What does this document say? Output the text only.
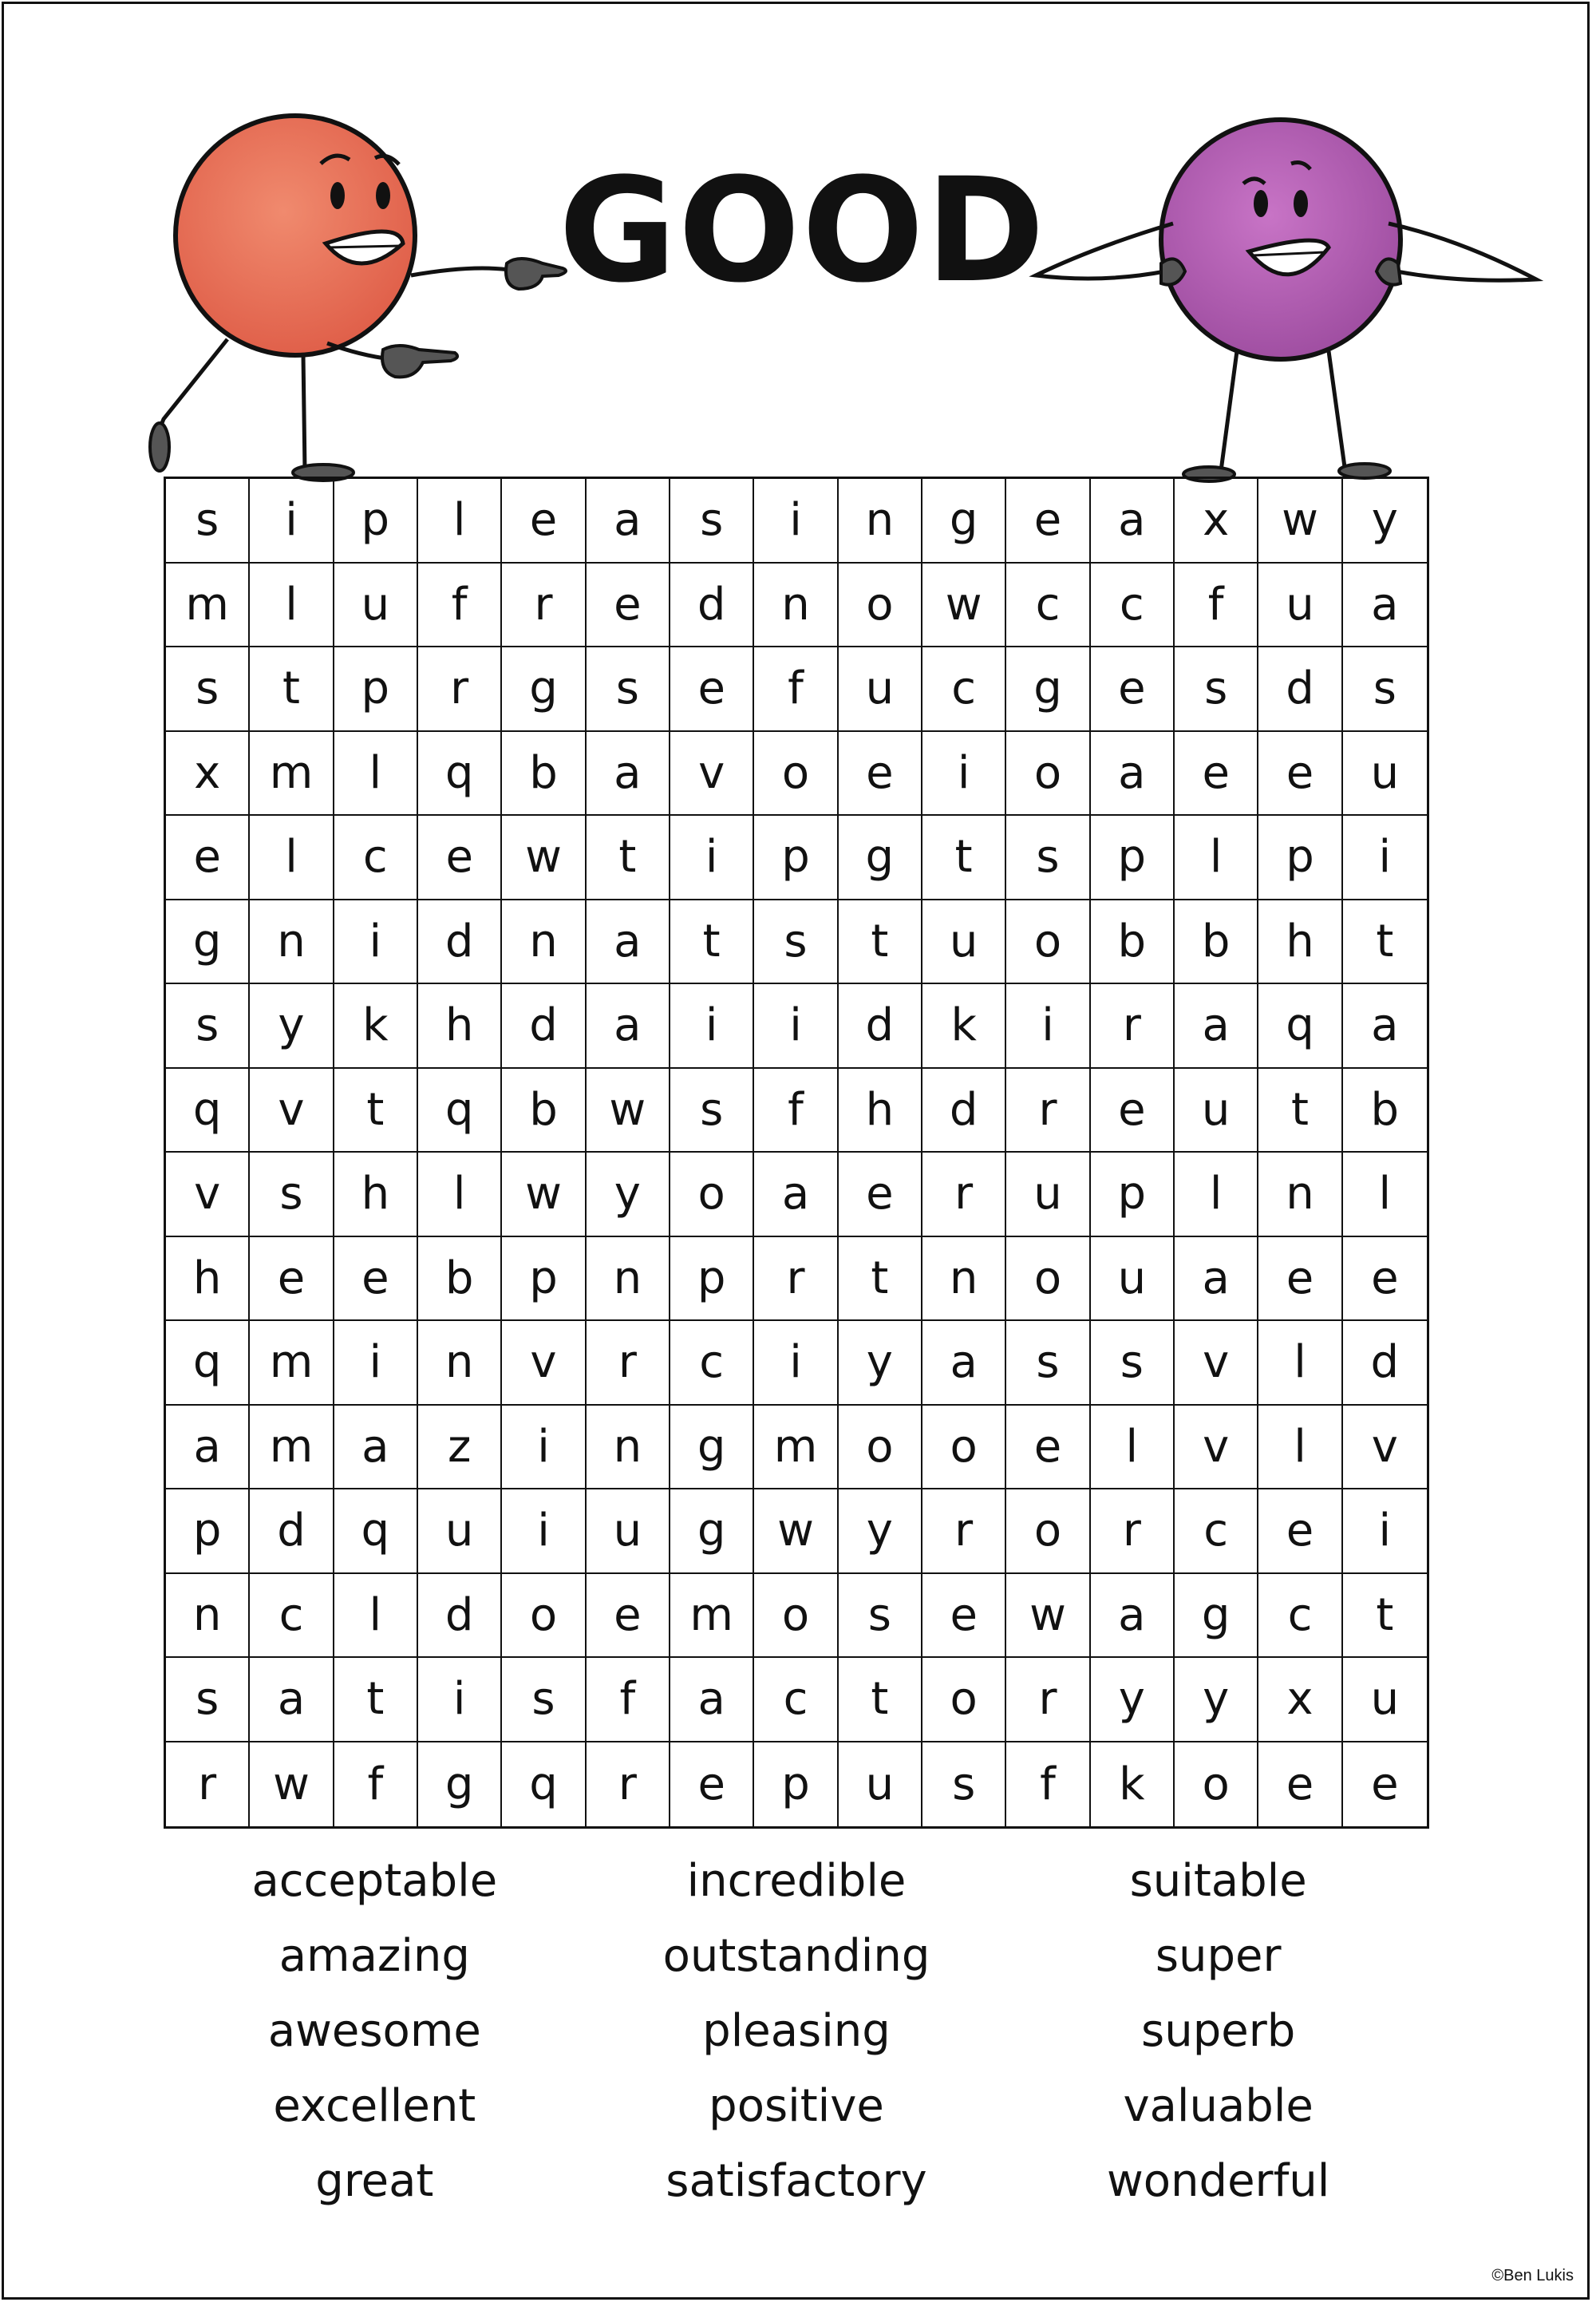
GOOD
s	i	p	l	e	a	s	i	n	g	e	a	x	w	y
m	l	u	f	r	e	d	n	o	w	c	c	f	u	a
s	t	p	r	g	s	e	f	u	c	g	e	s	d	s
x	m	l	q	b	a	v	o	e	i	o	a	e	e	u
e	l	c	e	w	t	i	p	g	t	s	p	l	p	i
g	n	i	d	n	a	t	s	t	u	o	b	b	h	t
s	y	k	h	d	a	i	i	d	k	i	r	a	q	a
q	v	t	q	b	w	s	f	h	d	r	e	u	t	b
v	s	h	l	w	y	o	a	e	r	u	p	l	n	l
h	e	e	b	p	n	p	r	t	n	o	u	a	e	e
q	m	i	n	v	r	c	i	y	a	s	s	v	l	d
a	m	a	z	i	n	g	m	o	o	e	l	v	l	v
p	d	q	u	i	u	g	w	y	r	o	r	c	e	i
n	c	l	d	o	e	m	o	s	e	w	a	g	c	t
s	a	t	i	s	f	a	c	t	o	r	y	y	x	u
r	w	f	g	q	r	e	p	u	s	f	k	o	e	e
acceptable
amazing
awesome
excellent
great
incredible
outstanding
pleasing
positive
satisfactory
suitable
super
superb
valuable
wonderful
©Ben Lukis
